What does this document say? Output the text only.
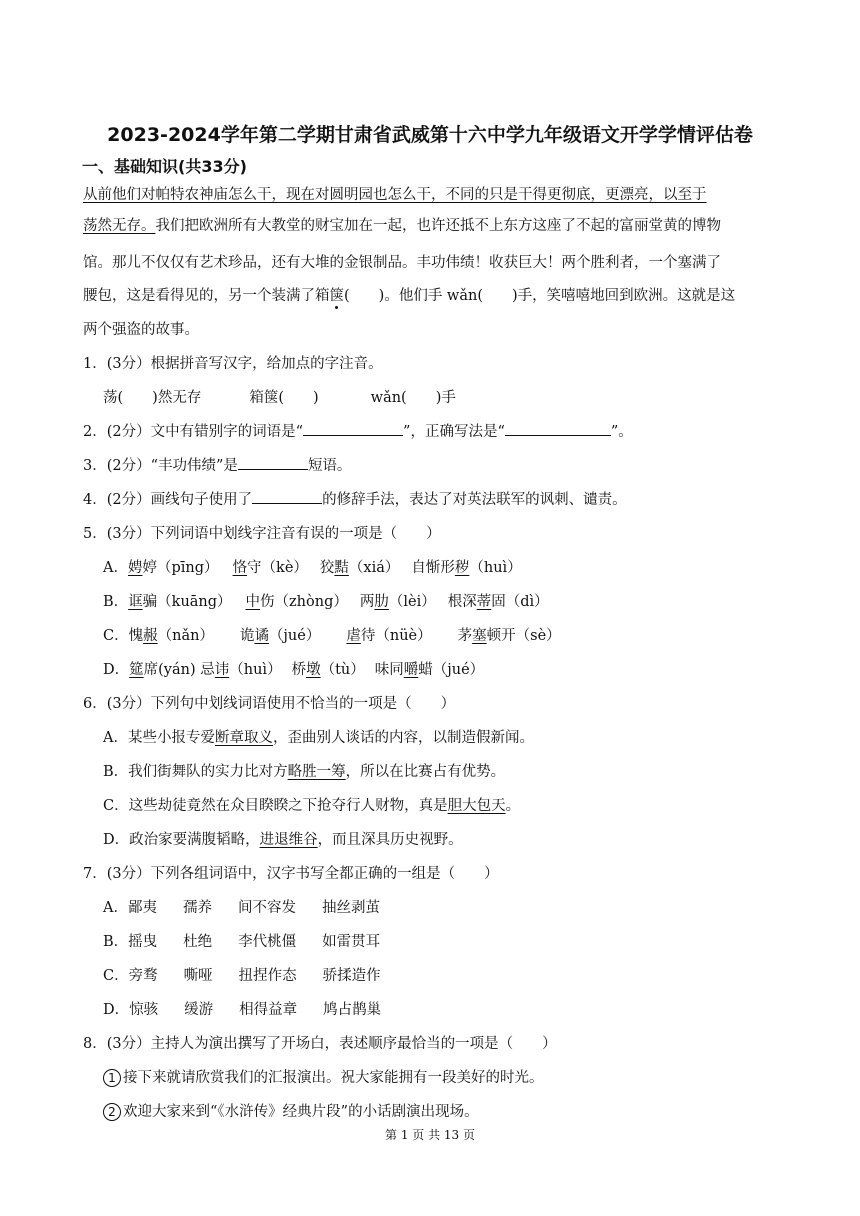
2023-2024学年第二学期甘肃省武威第十六中学九年级语文开学学情评估卷
一、基础知识(共33分)
从前他们对帕特农神庙怎么干，现在对圆明园也怎么干，不同的只是干得更彻底，更漂亮，以至于
荡然无存。我们把欧洲所有大教堂的财宝加在一起，也许还抵不上东方这座了不起的富丽堂黄的博物
馆。那儿不仅仅有艺术珍品，还有大堆的金银制品。丰功伟绩！收获巨大！两个胜利者，一个塞满了
腰包，这是看得见的，另一个装满了箱箧(　　)。他们手 wǎn(　　)手，笑嘻嘻地回到欧洲。这就是这
两个强盗的故事。
1．(3分）根据拼音写汉字，给加点的字注音。
荡(　　)然无存	箱箧(　　)	wǎn(　　)手
2．(2分）文中有错别字的词语是“	”，正确写法是“	”。
3．(2分）“丰功伟绩”是	短语。
4．(2分）画线句子使用了	的修辞手法，表达了对英法联军的讽刺、谴责。
5．(3分）下列词语中划线字注音有误的一项是（　　）
A．娉婷（pīng） 恪守（kè） 狡黠（xiá） 自惭形秽（huì）
B．诓骗（kuāng） 中伤（zhòng） 两肋（lèi） 根深蒂固（dì）
C．愧赧（nǎn） 诡谲（jué） 虐待（nüè） 茅塞顿开（sè）
D．筵席(yán) 忌讳（huì） 桥墩（tù） 味同嚼蜡（jué）
6．(3分）下列句中划线词语使用不恰当的一项是（　　）
A．某些小报专爱断章取义，歪曲别人谈话的内容，以制造假新闻。
B．我们街舞队的实力比对方略胜一筹，所以在比赛占有优势。
C．这些劫徒竟然在众目睽睽之下抢夺行人财物，真是胆大包天。
D．政治家要满腹韬略，进退维谷，而且深具历史视野。
7．(3分）下列各组词语中，汉字书写全都正确的一组是（　　）
A．鄙夷 孺养 间不容发 抽丝剥茧
B．摇曳 杜绝 李代桃僵 如雷贯耳
C．旁骛 嘶哑 扭捏作态 骄揉造作
D．惊骇 缓游 相得益章 鸠占鹊巢
8．(3分）主持人为演出撰写了开场白，表述顺序最恰当的一项是（　　）
1 接下来就请欣赏我们的汇报演出。祝大家能拥有一段美好的时光。
2 欢迎大家来到“《水浒传》经典片段”的小话剧演出现场。
第 1 页 共 13 页
